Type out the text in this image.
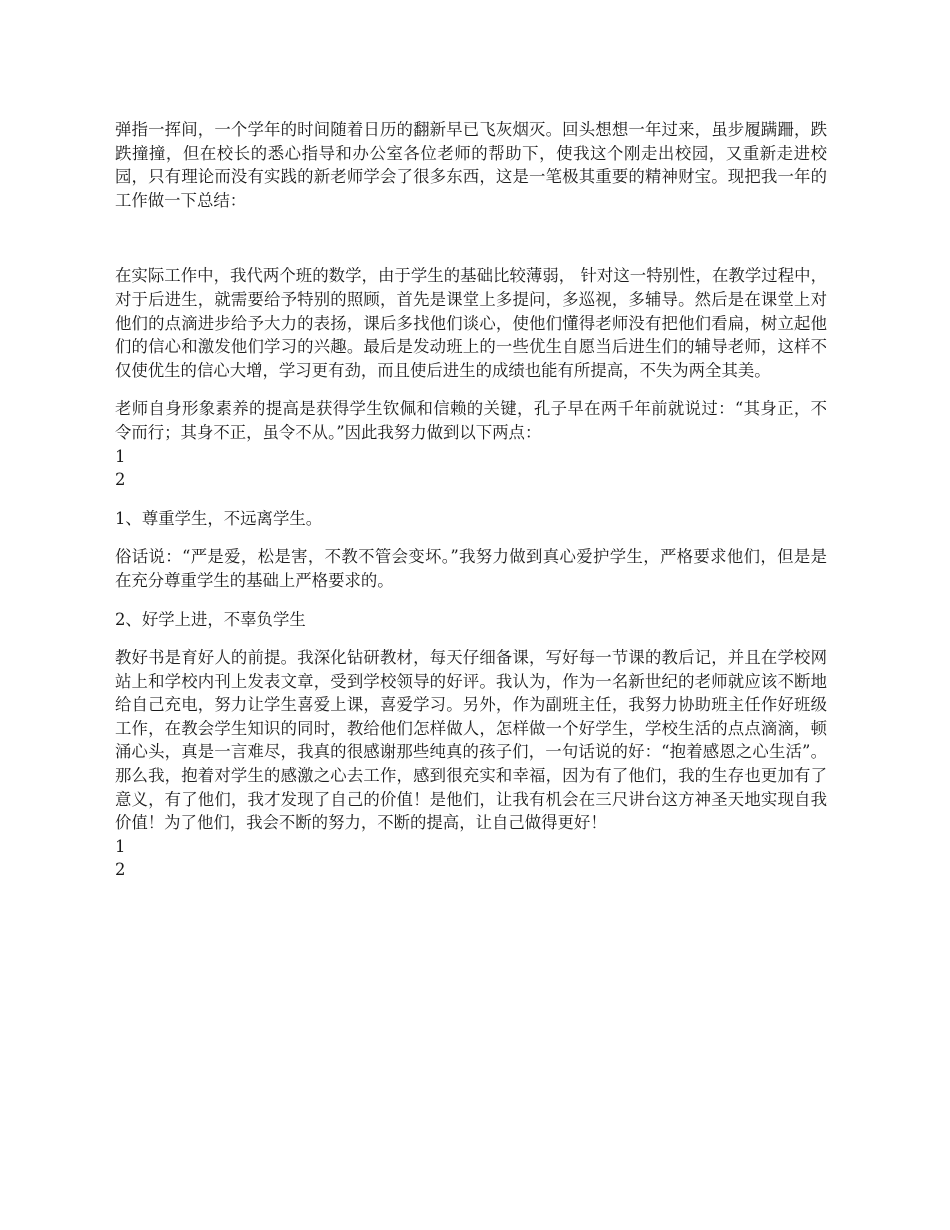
弹指一挥间，一个学年的时间随着日历的翻新早已飞灰烟灭。回头想想一年过来，虽步履蹒跚，跌跌撞撞，但在校长的悉心指导和办公室各位老师的帮助下，使我这个刚走出校园，又重新走进校园，只有理论而没有实践的新老师学会了很多东西，这是一笔极其重要的精神财宝。现把我一年的工作做一下总结：

在实际工作中，我代两个班的数学，由于学生的基础比较薄弱， 针对这一特别性，在教学过程中，对于后进生，就需要给予特别的照顾，首先是课堂上多提问，多巡视，多辅导。然后是在课堂上对他们的点滴进步给予大力的表扬，课后多找他们谈心，使他们懂得老师没有把他们看扁，树立起他们的信心和激发他们学习的兴趣。最后是发动班上的一些优生自愿当后进生们的辅导老师，这样不仅使优生的信心大增，学习更有劲，而且使后进生的成绩也能有所提高，不失为两全其美。

老师自身形象素养的提高是获得学生钦佩和信赖的关键，孔子早在两千年前就说过：“其身正，不令而行；其身不正，虽令不从。”因此我努力做到以下两点：

1

2

1、尊重学生，不远离学生。

俗话说：“严是爱，松是害，不教不管会变坏。”我努力做到真心爱护学生，严格要求他们，但是是在充分尊重学生的基础上严格要求的。

2、好学上进，不辜负学生

教好书是育好人的前提。我深化钻研教材，每天仔细备课，写好每一节课的教后记，并且在学校网站上和学校内刊上发表文章，受到学校领导的好评。我认为，作为一名新世纪的老师就应该不断地给自己充电，努力让学生喜爱上课，喜爱学习。另外，作为副班主任，我努力协助班主任作好班级工作，在教会学生知识的同时，教给他们怎样做人，怎样做一个好学生，学校生活的点点滴滴，顿涌心头，真是一言难尽，我真的很感谢那些纯真的孩子们，一句话说的好：“抱着感恩之心生活”。那么我，抱着对学生的感激之心去工作，感到很充实和幸福，因为有了他们，我的生存也更加有了意义，有了他们，我才发现了自己的价值！是他们，让我有机会在三尺讲台这方神圣天地实现自我价值！为了他们，我会不断的努力，不断的提高，让自己做得更好！

1

2
